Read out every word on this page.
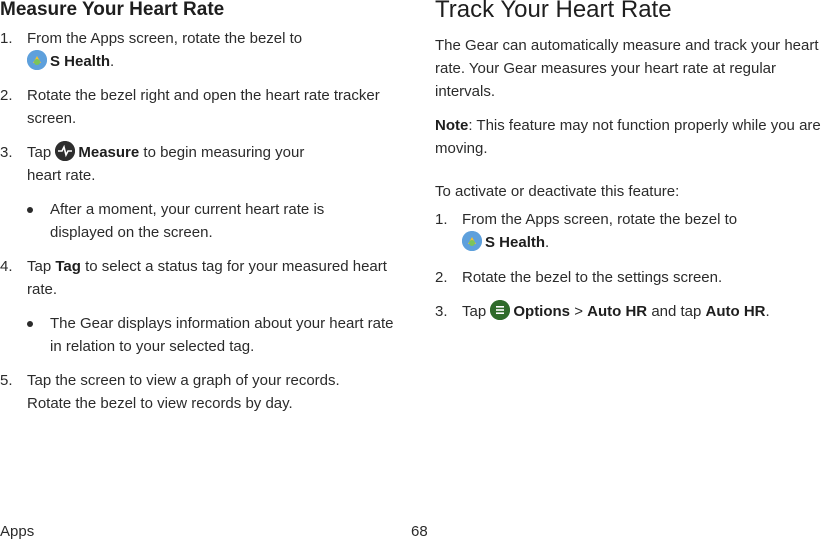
Measure Your Heart Rate
1. From the Apps screen, rotate the bezel to

S Health.
2. Rotate the bezel right and open the heart rate tracker screen.
3. Tap Measure to begin measuring your heart rate.
After a moment, your current heart rate is displayed on the screen.
4. Tap Tag to select a status tag for your measured heart rate.
The Gear displays information about your heart rate in relation to your selected tag.
5. Tap the screen to view a graph of your records. Rotate the bezel to view records by day.
Track Your Heart Rate
The Gear can automatically measure and track your heart rate. Your Gear measures your heart rate at regular intervals.
Note: This feature may not function properly while you are moving.
To activate or deactivate this feature:
1. From the Apps screen, rotate the bezel to

S Health.
2. Rotate the bezel to the settings screen.
3. Tap Options > Auto HR and tap Auto HR.
Apps	68
